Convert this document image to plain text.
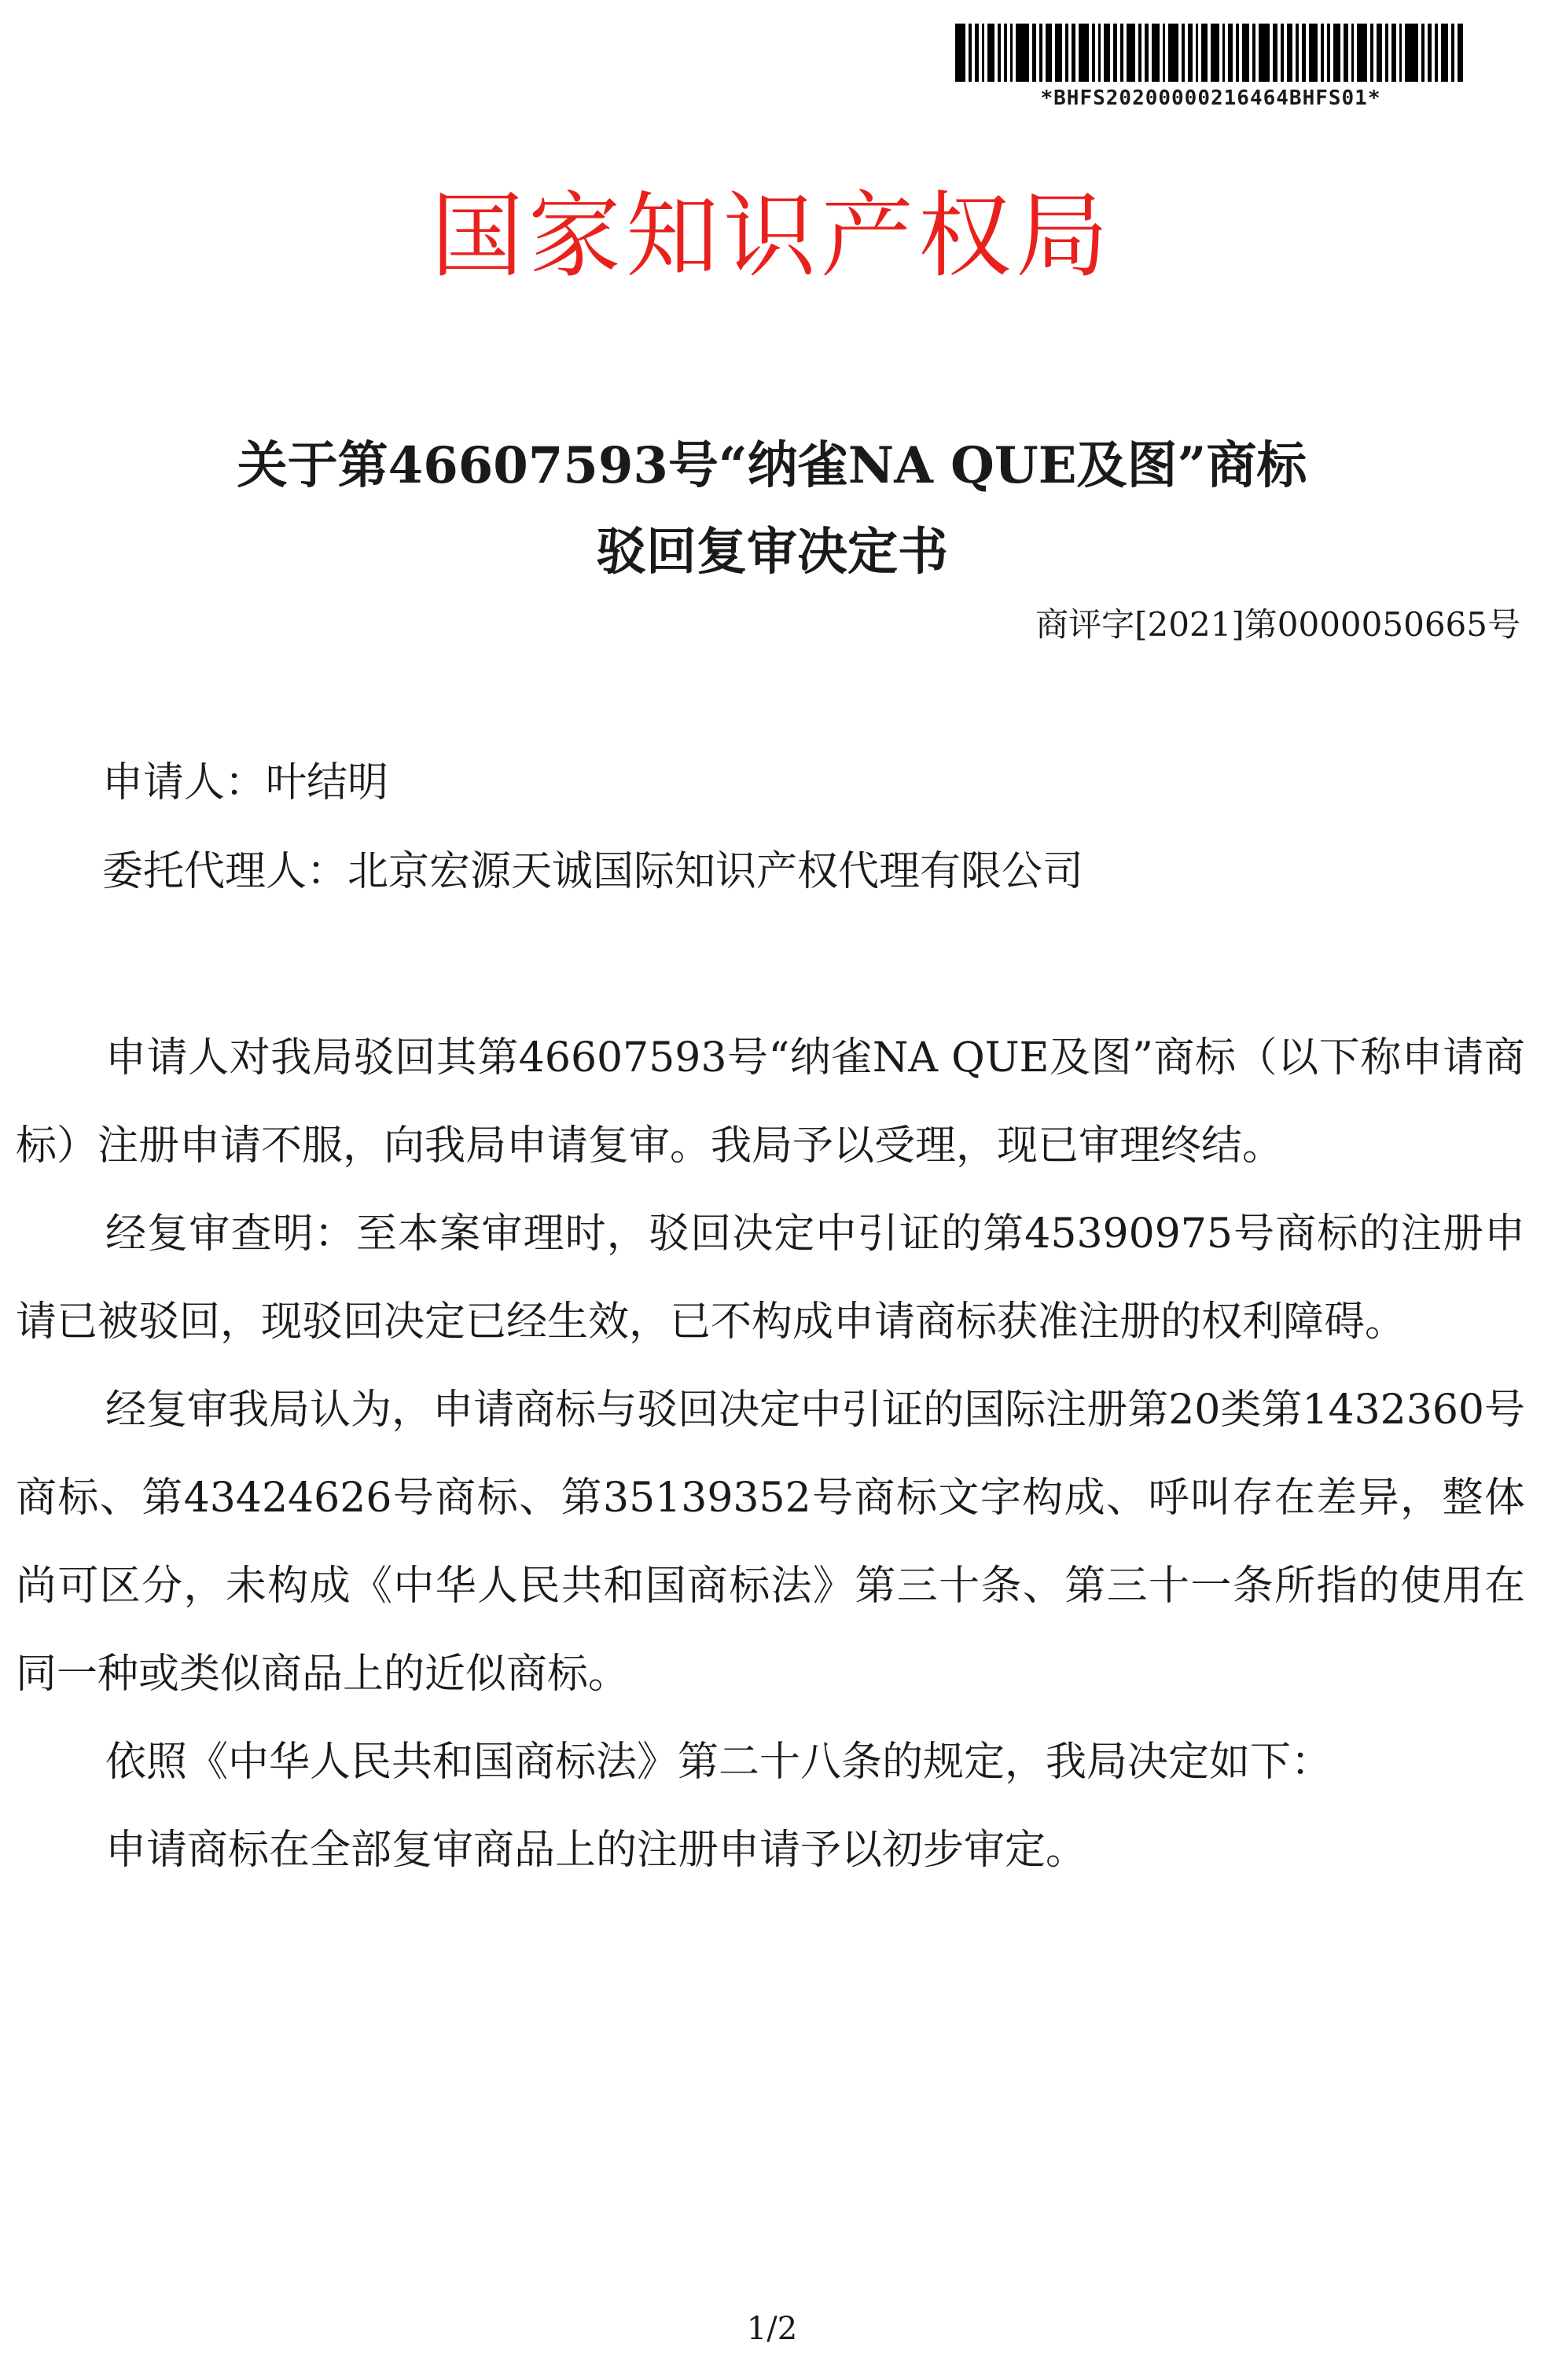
*BHFS20200000216464BHFS01*
国家知识产权局
关于第46607593号“纳雀NA QUE及图”商标
驳回复审决定书
商评字[2021]第0000050665号
申请人：叶结明
委托代理人：北京宏源天诚国际知识产权代理有限公司

申请人对我局驳回其第46607593号“纳雀NA QUE及图”商标（以下称申请商标）注册申请不服，向我局申请复审。我局予以受理，现已审理终结。

经复审查明：至本案审理时，驳回决定中引证的第45390975号商标的注册申请已被驳回，现驳回决定已经生效，已不构成申请商标获准注册的权利障碍。

经复审我局认为，申请商标与驳回决定中引证的国际注册第20类第1432360号商标、第43424626号商标、第35139352号商标文字构成、呼叫存在差异，整体尚可区分，未构成《中华人民共和国商标法》第三十条、第三十一条所指的使用在同一种或类似商品上的近似商标。

依照《中华人民共和国商标法》第二十八条的规定，我局决定如下：

申请商标在全部复审商品上的注册申请予以初步审定。

1/2
